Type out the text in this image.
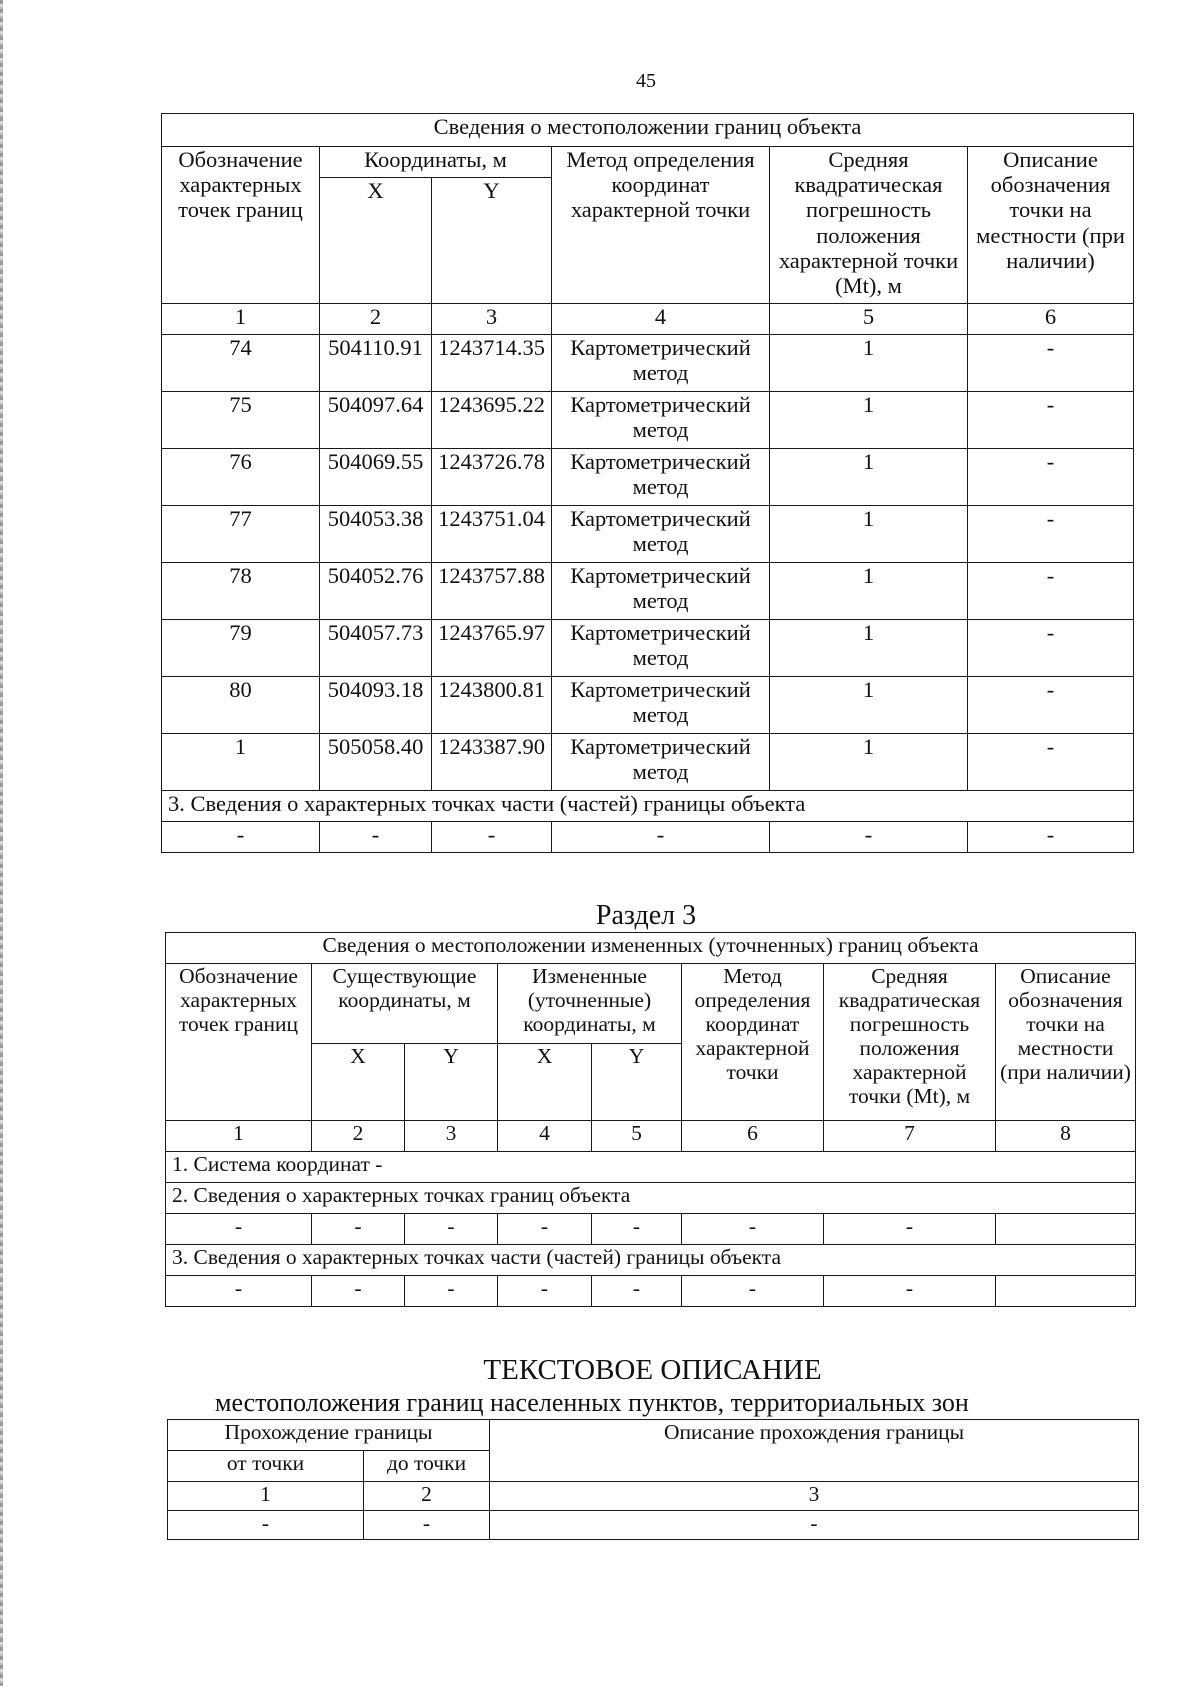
45
Сведения о местоположении границ объекта					
Обозначение характерных точек границ	Координаты, м		Метод определения координат характерной точки	Средняя квадратическая погрешность положения характерной точки (Mt), м	Описание обозначения точки на местности (при наличии)
	X	Y			
1	2	3	4	5	6
74	504110.91	1243714.35	Картометрический метод	1	-
75	504097.64	1243695.22	Картометрический метод	1	-
76	504069.55	1243726.78	Картометрический метод	1	-
77	504053.38	1243751.04	Картометрический метод	1	-
78	504052.76	1243757.88	Картометрический метод	1	-
79	504057.73	1243765.97	Картометрический метод	1	-
80	504093.18	1243800.81	Картометрический метод	1	-
1	505058.40	1243387.90	Картометрический метод	1	-
3. Сведения о характерных точках части (частей) границы объекта					
-	-	-	-	-	-
Раздел 3
Сведения о местоположении измененных (уточненных) границ объекта							
Обозначение характерных точек границ	Существующие координаты, м		Измененные (уточненные) координаты, м		Метод определения координат характерной точки	Средняя квадратическая погрешность положения характерной точки (Mt), м	Описание обозначения точки на местности (при наличии)
	X	Y	X	Y			
1	2	3	4	5	6	7	8
1. Система координат -							
2. Сведения о характерных точках границ объекта							
-	-	-	-	-	-	-	
3. Сведения о характерных точках части (частей) границы объекта							
-	-	-	-	-	-	-	
ТЕКСТОВОЕ ОПИСАНИЕ
местоположения границ населенных пунктов, территориальных зон
Прохождение границы		Описание прохождения границы
от точки	до точки	
1	2	3
-	-	-
